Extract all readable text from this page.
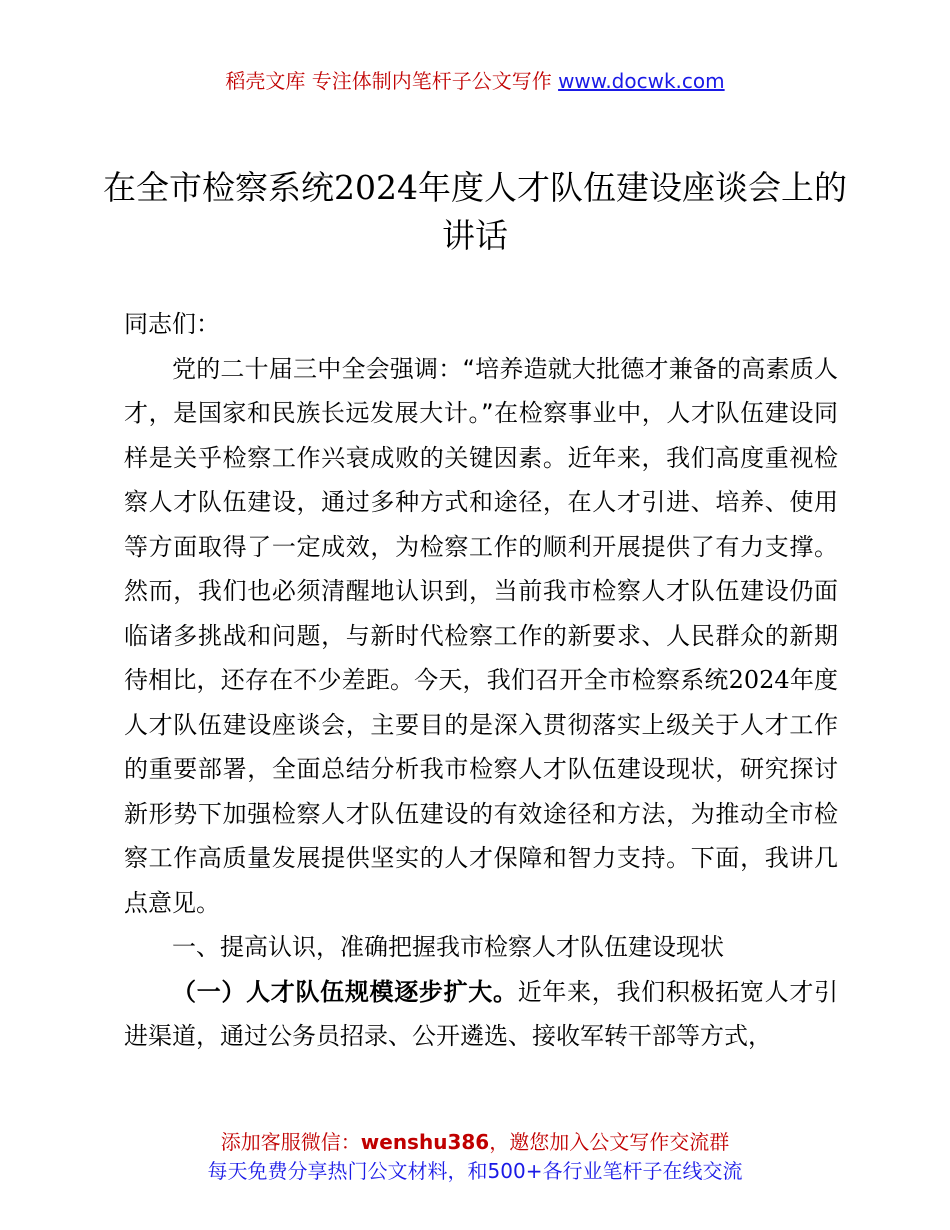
稻壳文库 专注体制内笔杆子公文写作 www.docwk.com
在全市检察系统2024年度人才队伍建设座谈会上的讲话

同志们：

党的二十届三中全会强调：“培养造就大批德才兼备的高素质人才，是国家和民族长远发展大计。”在检察事业中，人才队伍建设同样是关乎检察工作兴衰成败的关键因素。近年来，我们高度重视检察人才队伍建设，通过多种方式和途径，在人才引进、培养、使用等方面取得了一定成效，为检察工作的顺利开展提供了有力支撑。然而，我们也必须清醒地认识到，当前我市检察人才队伍建设仍面临诸多挑战和问题，与新时代检察工作的新要求、人民群众的新期待相比，还存在不少差距。今天，我们召开全市检察系统2024年度人才队伍建设座谈会，主要目的是深入贯彻落实上级关于人才工作的重要部署，全面总结分析我市检察人才队伍建设现状，研究探讨新形势下加强检察人才队伍建设的有效途径和方法，为推动全市检察工作高质量发展提供坚实的人才保障和智力支持。下面，我讲几点意见。

一、提高认识，准确把握我市检察人才队伍建设现状

（一）人才队伍规模逐步扩大。近年来，我们积极拓宽人才引进渠道，通过公务员招录、公开遴选、接收军转干部等方式，

添加客服微信：wenshu386，邀您加入公文写作交流群
每天免费分享热门公文材料，和500+各行业笔杆子在线交流
